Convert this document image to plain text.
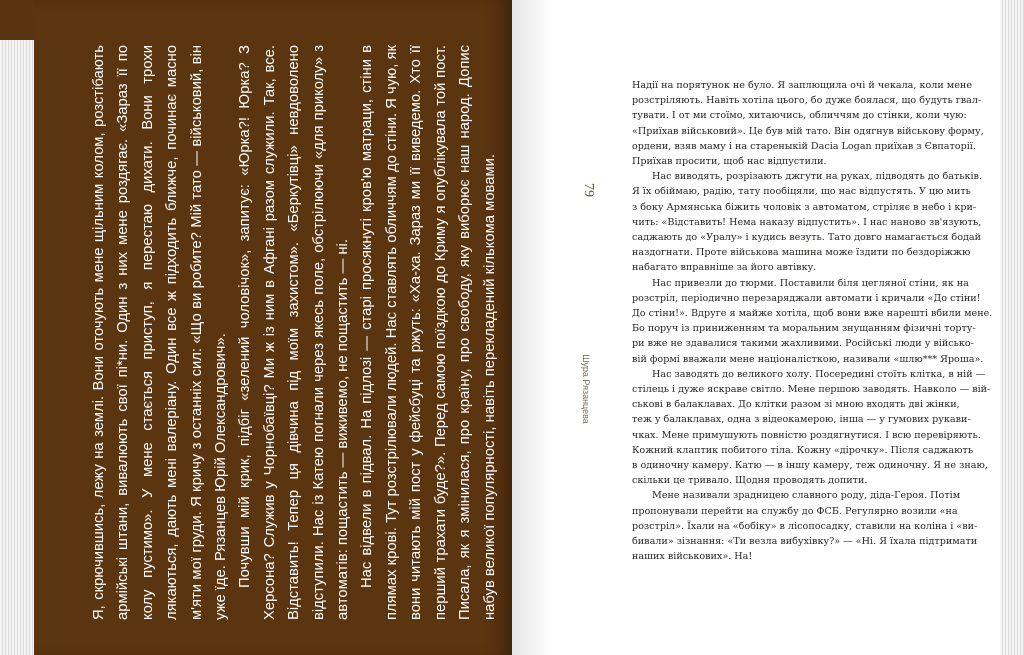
Я, скрючившись, лежу на землі. Вони оточують мене щільним колом, розстібають армійські штани, вивалюють свої пі*ни. Один з них мене роздягає. «Зараз її по колу пустимо». У мене стається приступ, я перестаю дихати. Вони трохи лякаються, дають мені валеріану. Один все ж підходить ближче, починає масно м'яти мої груди. Я кричу з останніх сил: «Що ви робите? Мій тато — військовий, він уже їде. Рязанцев Юрій Олександрович». Почувши мій крик, підбіг «зелений чоловічок», запитує: «Юрка?! Юрка? З Херсона? Служив у Чорнобаївці? Ми ж із ним в Афгані разом служили. Так, все. Відставить! Тепер ця дівчина під моїм захистом». «Беркутівці» невдоволено відступили. Нас із Катею погнали через якесь поле, обстрілюючи «для приколу» з автоматів: пощастить — виживемо, не пощастить — ні. Нас відвели в підвал. На підлозі — старі просякнуті кров'ю матраци, стіни в плямах крові. Тут розстрілювали людей. Нас ставлять обличчям до стіни. Я чую, як вони читають мій пост у фейсбуці та ржуть: «Ха-ха. Зараз ми її виведемо. Хто її перший трахати буде?». Перед самою поїздкою до Криму я опублікувала той пост. Писала, як я змінилася, про країну, про свободу, яку виборює наш народ. Допис набув великої популярності, навіть перекладений кількома мовами.	79
Шура Рязанцева
Надії на порятунок не було. Я заплющила очі й чекала, коли мене
розстріляють. Навіть хотіла цього, бо дуже боялася, що будуть гвал-
тувати. І от ми стоїмо, хитаючись, обличчям до стінки, коли чую:
«Приїхав військовий». Це був мій тато. Він одягнув військову форму,
ордени, взяв маму і на стареныкій Dacia Logan приїхав з Євпаторії.
Приїхав просити, щоб нас відпустили.
Нас виводять, розрізають джгути на руках, підводять до батьків.
Я їх обіймаю, радію, тату пообіцяли, що нас відпустять. У цю мить
з боку Армянська біжить чоловік з автоматом, стріляє в небо і кри-
чить: «Відставить! Нема наказу відпустить». І нас наново зв'язують,
саджають до «Уралу» і кудись везуть. Тато довго намагається бодай
наздогнати. Проте військова машина може їздити по бездоріжжю
набагато вправніше за його автівку.
Нас привезли до тюрми. Поставили біля цегляної стіни, як на
розстріл, періодично перезаряджали автомати і кричали «До стіни!
До стіни!». Вдруге я майже хотіла, щоб вони вже нарешті вбили мене.
Бо поруч із приниженням та моральним знущанням фізичні торту-
ри вже не здавалися такими жахливими. Російські люди у військо-
вій формі вважали мене націоналісткою, називали «шлю*** Яроша».
Нас заводять до великого холу. Посередині стоїть клітка, в ній —
стілець і дуже яскраве світло. Мене першою заводять. Навколо — вій-
ськові в балаклавах. До клітки разом зі мною входять дві жінки,
теж у балаклавах, одна з відеокамерою, інша — у гумових рукави-
чках. Мене примушують повністю роздягнутися. І всю перевіряють.
Кожний клаптик побитого тіла. Кожну «дірочку». Після саджають
в одиночну камеру. Катю — в іншу камеру, теж одиночну. Я не знаю,
скільки це тривало. Щодня проводять допити.
Мене називали зрадницею славного роду, діда-Героя. Потім
пропонували перейти на службу до ФСБ. Регулярно возили «на
розстріл». Їхали на «бобіку» в лісопосадку, ставили на коліна і «ви-
бивали» зізнання: «Ти везла вибухівку?» — «Ні. Я їхала підтримати
наших військових». На!
